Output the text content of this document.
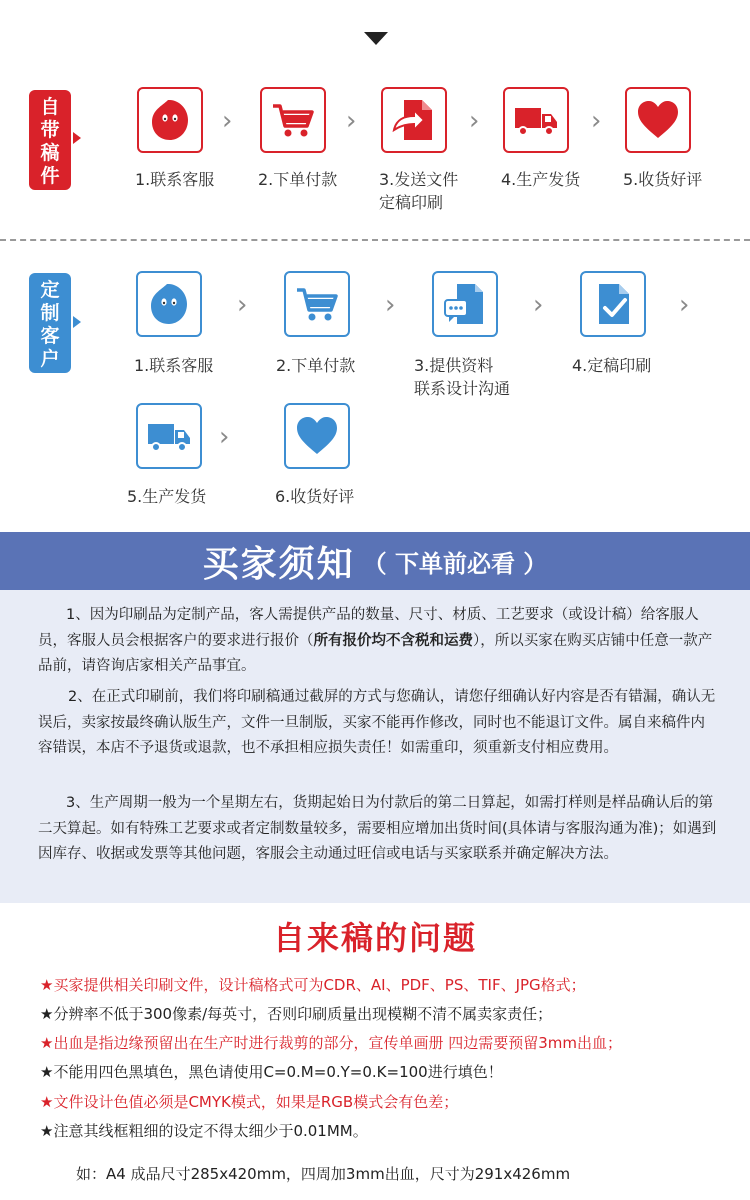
自
带
稿
件
›
1.联系客服
›
2.下单付款
›
3.发送文件
定稿印刷
›
4.生产发货	5.收货好评
定
制
客
户
›
1.联系客服
›
2.下单付款
›
3.提供资料
联系设计沟通
›
4.定稿印刷
›
5.生产发货	6.收货好评
买家须知 （ 下单前必看 ）
1、因为印刷品为定制产品，客人需提供产品的数量、尺寸、材质、工艺要求（或设计稿）给客服人员，客服人员会根据客户的要求进行报价（所有报价均不含税和运费），所以买家在购买店铺中任意一款产品前，请咨询店家相关产品事宜。
2、在正式印刷前，我们将印刷稿通过截屏的方式与您确认，请您仔细确认好内容是否有错漏，确认无误后，卖家按最终确认版生产，文件一旦制版，买家不能再作修改，同时也不能退订文件。属自来稿件内容错误，本店不予退货或退款，也不承担相应损失责任！如需重印，须重新支付相应费用。
3、生产周期一般为一个星期左右，货期起始日为付款后的第二日算起，如需打样则是样品确认后的第二天算起。如有特殊工艺要求或者定制数量较多，需要相应增加出货时间(具体请与客服沟通为准)；如遇到因库存、收据或发票等其他问题，客服会主动通过旺信或电话与买家联系并确定解决方法。
自来稿的问题
★买家提供相关印刷文件，设计稿格式可为CDR、AI、PDF、PS、TIF、JPG格式；
★分辨率不低于300像素/每英寸，否则印刷质量出现模糊不清不属卖家责任；
★出血是指边缘预留出在生产时进行裁剪的部分，宣传单画册 四边需要预留3mm出血；
★不能用四色黑填色，黑色请使用C=0.M=0.Y=0.K=100进行填色！
★文件设计色值必须是CMYK模式，如果是RGB模式会有色差；
★注意其线框粗细的设定不得太细少于0.01MM。
如：A4 成品尺寸285x420mm，四周加3mm出血，尺寸为291x426mm
